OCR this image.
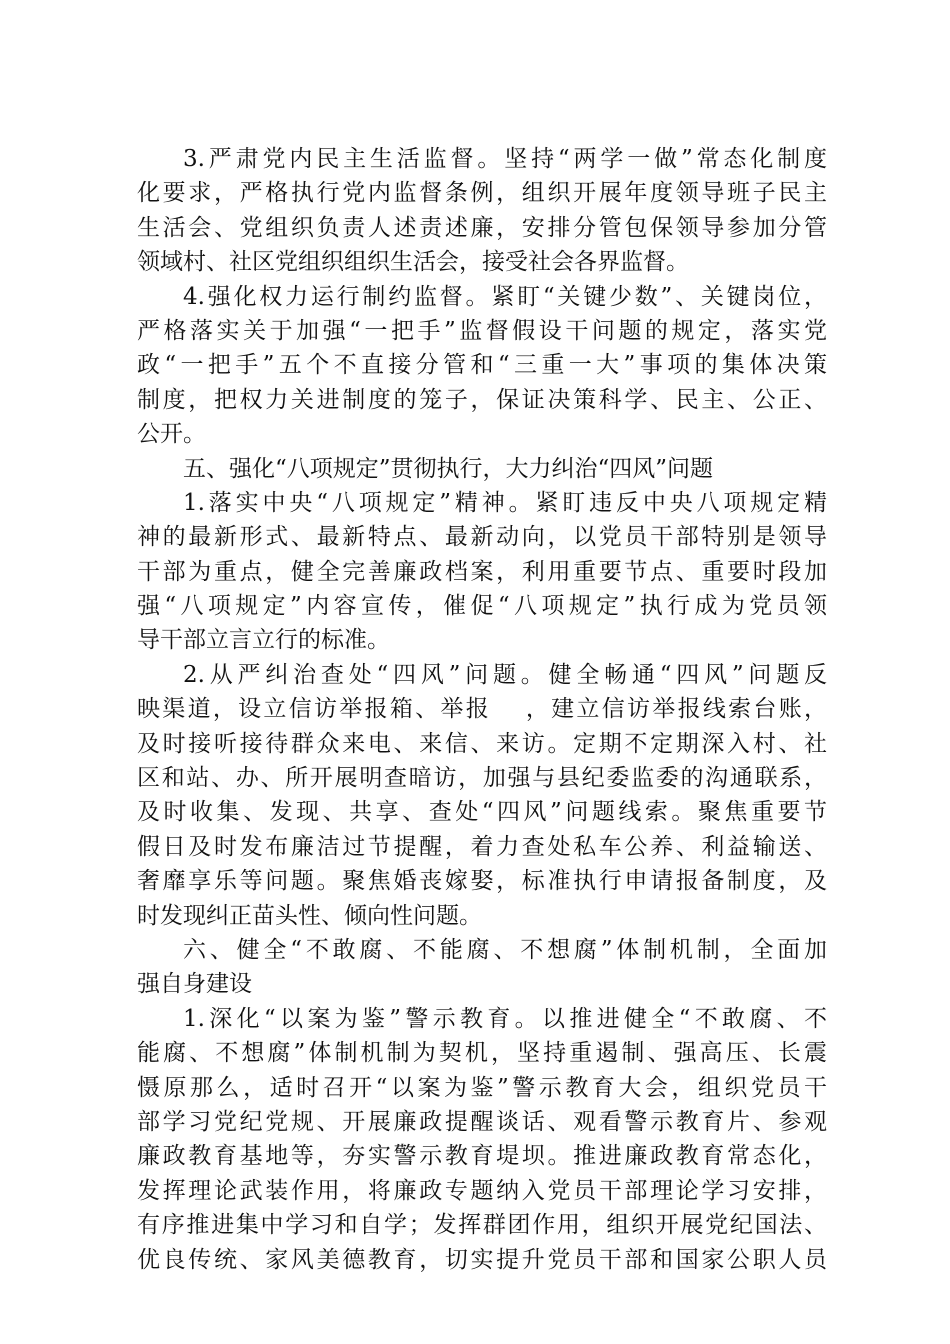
3.严肃党内民主生活监督。坚持“两学一做”常态化制度
化要求，严格执行党内监督条例，组织开展年度领导班子民主
生活会、党组织负责人述责述廉，安排分管包保领导参加分管
领域村、社区党组织组织生活会，接受社会各界监督。
4.强化权力运行制约监督。紧盯“关键少数”、关键岗位，
严格落实关于加强“一把手”监督假设干问题的规定，落实党
政“一把手”五个不直接分管和“三重一大”事项的集体决策
制度，把权力关进制度的笼子，保证决策科学、民主、公正、
公开。
五、强化“八项规定”贯彻执行，大力纠治“四风”问题
1.落实中央“八项规定”精神。紧盯违反中央八项规定精
神的最新形式、最新特点、最新动向，以党员干部特别是领导
干部为重点，健全完善廉政档案，利用重要节点、重要时段加
强“八项规定”内容宣传，催促“八项规定”执行成为党员领
导干部立言立行的标准。
2.从严纠治查处“四风”问题。健全畅通“四风”问题反
映渠道，设立信访举报箱、举报　 ，建立信访举报线索台账，
及时接听接待群众来电、来信、来访。定期不定期深入村、社
区和站、办、所开展明查暗访，加强与县纪委监委的沟通联系，
及时收集、发现、共享、查处“四风”问题线索。聚焦重要节
假日及时发布廉洁过节提醒，着力查处私车公养、利益输送、
奢靡享乐等问题。聚焦婚丧嫁娶，标准执行申请报备制度，及
时发现纠正苗头性、倾向性问题。
六、健全“不敢腐、不能腐、不想腐”体制机制，全面加
强自身建设
1.深化“以案为鉴”警示教育。以推进健全“不敢腐、不
能腐、不想腐”体制机制为契机，坚持重遏制、强高压、长震
慑原那么，适时召开“以案为鉴”警示教育大会，组织党员干
部学习党纪党规、开展廉政提醒谈话、观看警示教育片、参观
廉政教育基地等，夯实警示教育堤坝。推进廉政教育常态化，
发挥理论武装作用，将廉政专题纳入党员干部理论学习安排，
有序推进集中学习和自学；发挥群团作用，组织开展党纪国法、
优良传统、家风美德教育，切实提升党员干部和国家公职人员
